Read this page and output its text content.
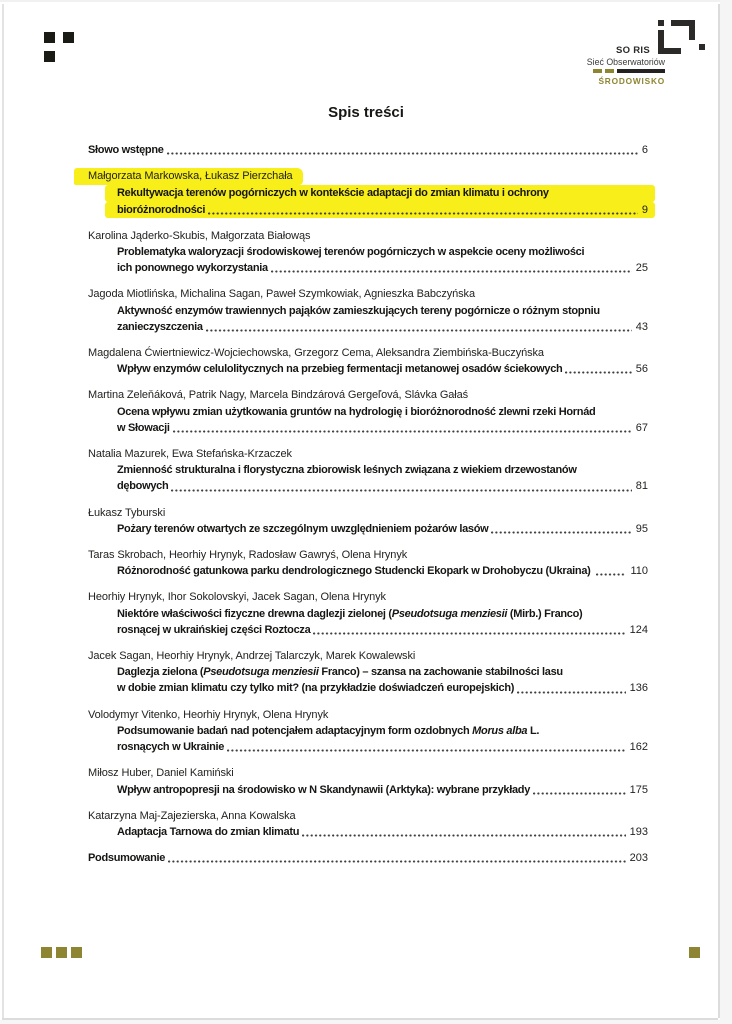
SO RIS
Sieć Obserwatoriów
ŚRODOWISKO
Spis treści
Słowo wstępne	6
Małgorzata Markowska, Łukasz Pierzchała
Rekultywacja terenów pogórniczych w kontekście adaptacji do zmian klimatu i ochrony
bioróżnorodności	9
Karolina Jąderko-Skubis, Małgorzata Białowąs
Problematyka waloryzacji środowiskowej terenów pogórniczych w aspekcie oceny możliwości
ich ponownego wykorzystania	25
Jagoda Miotlińska, Michalina Sagan, Paweł Szymkowiak, Agnieszka Babczyńska
Aktywność enzymów trawiennych pająków zamieszkujących tereny pogórnicze o różnym stopniu
zanieczyszczenia	43
Magdalena Ćwiertniewicz-Wojciechowska, Grzegorz Cema, Aleksandra Ziembińska-Buczyńska
Wpływ enzymów celulolitycznych na przebieg fermentacji metanowej osadów ściekowych	56
Martina Zeleňáková, Patrik Nagy, Marcela Bindzárová Gergeľová, Slávka Gałaś
Ocena wpływu zmian użytkowania gruntów na hydrologię i bioróżnorodność zlewni rzeki Hornád
w Słowacji	67
Natalia Mazurek, Ewa Stefańska-Krzaczek
Zmienność strukturalna i florystyczna zbiorowisk leśnych związana z wiekiem drzewostanów
dębowych	81
Łukasz Tyburski
Pożary terenów otwartych ze szczególnym uwzględnieniem pożarów lasów	95
Taras Skrobach, Heorhiy Hrynyk, Radosław Gawryś, Olena Hrynyk
Różnorodność gatunkowa parku dendrologicznego Studencki Ekopark w Drohobyczu (Ukraina)	110
Heorhiy Hrynyk, Ihor Sokolovskyi, Jacek Sagan, Olena Hrynyk
Niektóre właściwości fizyczne drewna daglezji zielonej (Pseudotsuga menziesii (Mirb.) Franco)
rosnącej w ukraińskiej części Roztocza	124
Jacek Sagan, Heorhiy Hrynyk, Andrzej Talarczyk, Marek Kowalewski
Daglezja zielona (Pseudotsuga menziesii Franco) – szansa na zachowanie stabilności lasu
w dobie zmian klimatu czy tylko mit? (na przykładzie doświadczeń europejskich)	136
Volodymyr Vitenko, Heorhiy Hrynyk, Olena Hrynyk
Podsumowanie badań nad potencjałem adaptacyjnym form ozdobnych Morus alba L.
rosnących w Ukrainie	162
Miłosz Huber, Daniel Kamiński
Wpływ antropopresji na środowisko w N Skandynawii (Arktyka): wybrane przykłady	175
Katarzyna Maj-Zajezierska, Anna Kowalska
Adaptacja Tarnowa do zmian klimatu	193
Podsumowanie	203
